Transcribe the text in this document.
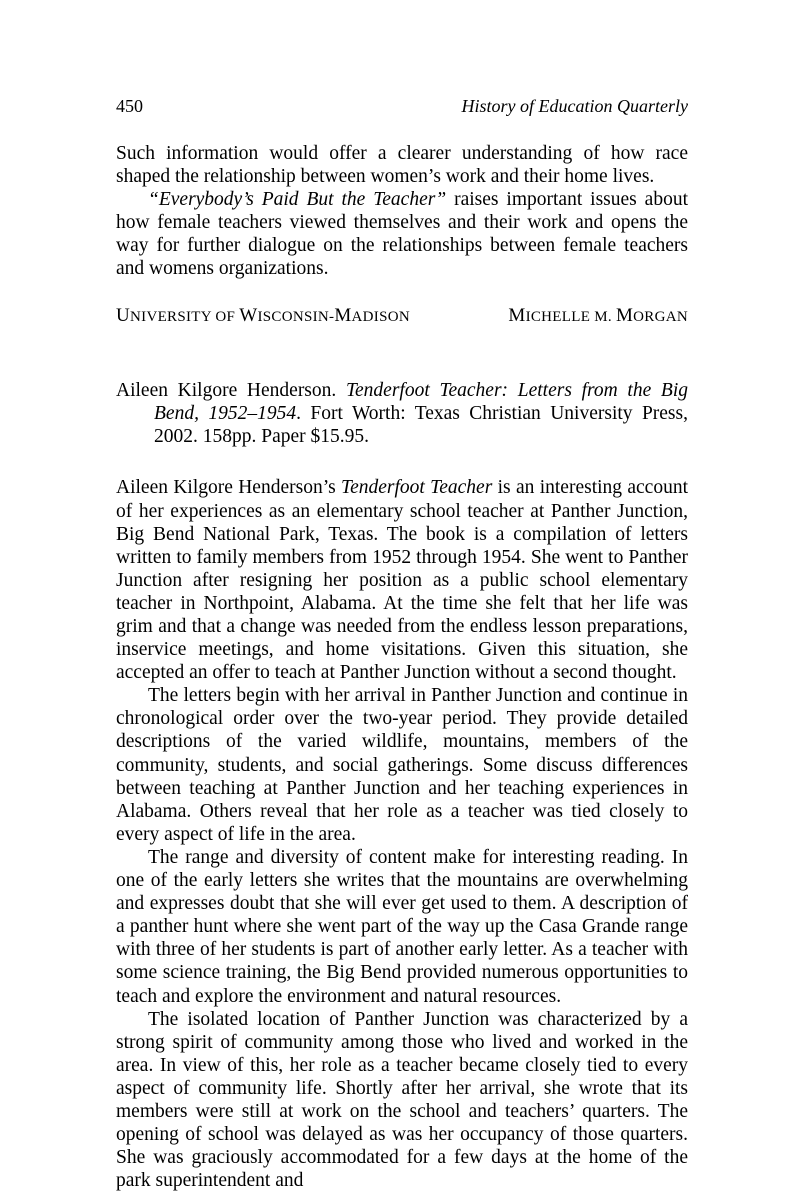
450	History of Education Quarterly

Such information would offer a clearer understanding of how race shaped the relationship between women’s work and their home lives.

“Everybody’s Paid But the Teacher” raises important issues about how female teachers viewed themselves and their work and opens the way for further dialogue on the relationships between female teachers and womens organizations.

UNIVERSITY OF WISCONSIN-MADISON	MICHELLE M. MORGAN

Aileen Kilgore Henderson. Tenderfoot Teacher: Letters from the Big Bend, 1952–1954. Fort Worth: Texas Christian University Press, 2002. 158pp. Paper $15.95.

Aileen Kilgore Henderson’s Tenderfoot Teacher is an interesting account of her experiences as an elementary school teacher at Panther Junction, Big Bend National Park, Texas. The book is a compilation of letters written to family members from 1952 through 1954. She went to Panther Junction after resigning her position as a public school elementary teacher in Northpoint, Alabama. At the time she felt that her life was grim and that a change was needed from the endless lesson preparations, inservice meetings, and home visitations. Given this situation, she accepted an offer to teach at Panther Junction without a second thought.

The letters begin with her arrival in Panther Junction and continue in chronological order over the two-year period. They provide detailed descriptions of the varied wildlife, mountains, members of the community, students, and social gatherings. Some discuss differences between teaching at Panther Junction and her teaching experiences in Alabama. Others reveal that her role as a teacher was tied closely to every aspect of life in the area.

The range and diversity of content make for interesting reading. In one of the early letters she writes that the mountains are overwhelming and expresses doubt that she will ever get used to them. A description of a panther hunt where she went part of the way up the Casa Grande range with three of her students is part of another early letter. As a teacher with some science training, the Big Bend provided numerous opportunities to teach and explore the environment and natural resources.

The isolated location of Panther Junction was characterized by a strong spirit of community among those who lived and worked in the area. In view of this, her role as a teacher became closely tied to every aspect of community life. Shortly after her arrival, she wrote that its members were still at work on the school and teachers’ quarters. The opening of school was delayed as was her occupancy of those quarters. She was graciously accommodated for a few days at the home of the park superintendent and
